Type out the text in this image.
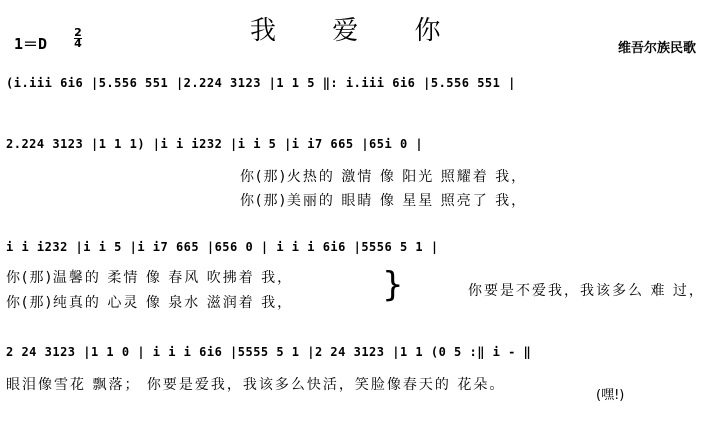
我 爱 你
1＝D
2
4	维吾尔族民歌
(i.iii 6i6 |5.556 551 |2.224 3123 |1 1 5 ‖: i.iii 6i6 |5.556 551 |
2.224 3123 |1 1 1) |i i i232 |i i 5 |i i7 665 |65i 0 |
你(那)火热的 激情 像 阳光 照耀着 我，
你(那)美丽的 眼睛 像 星星 照亮了 我，
i i i232 |i i 5 |i i7 665 |656 0 | i i i 6i6 |5556 5 1 |
你(那)温馨的 柔情 像 春风 吹拂着 我，
你(那)纯真的 心灵 像 泉水 滋润着 我，	}	你要是不爱我，我该多么 难 过，
2 24 3123 |1 1 0 | i i i 6i6 |5555 5 1 |2 24 3123 |1 1 (0 5 :‖ i - ‖
眼泪像雪花 飘落； 你要是爱我，我该多么快活，笑脸像春天的 花朵。
(嘿!)
